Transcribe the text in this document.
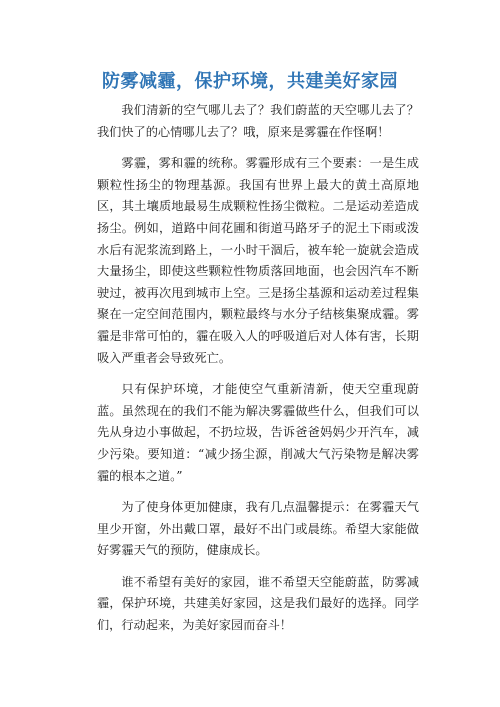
防雾减霾，保护环境，共建美好家园

我们清新的空气哪儿去了？我们蔚蓝的天空哪儿去了？我们快了的心情哪儿去了？哦，原来是雾霾在作怪啊！

雾霾，雾和霾的统称。雾霾形成有三个要素：一是生成颗粒性扬尘的物理基源。我国有世界上最大的黄土高原地区，其土壤质地最易生成颗粒性扬尘微粒。二是运动差造成扬尘。例如，道路中间花圃和街道马路牙子的泥土下雨或泼水后有泥浆流到路上，一小时干涸后，被车轮一旋就会造成大量扬尘，即使这些颗粒性物质落回地面，也会因汽车不断驶过，被再次甩到城市上空。三是扬尘基源和运动差过程集聚在一定空间范围内，颗粒最终与水分子结核集聚成霾。雾霾是非常可怕的，霾在吸入人的呼吸道后对人体有害，长期吸入严重者会导致死亡。

只有保护环境，才能使空气重新清新，使天空重现蔚蓝。虽然现在的我们不能为解决雾霾做些什么，但我们可以先从身边小事做起，不扔垃圾，告诉爸爸妈妈少开汽车，减少污染。要知道：“减少扬尘源，削减大气污染物是解决雾霾的根本之道。”

为了使身体更加健康，我有几点温馨提示：在雾霾天气里少开窗，外出戴口罩，最好不出门或晨练。希望大家能做好雾霾天气的预防，健康成长。

谁不希望有美好的家园，谁不希望天空能蔚蓝，防雾减霾，保护环境，共建美好家园，这是我们最好的选择。同学们，行动起来，为美好家园而奋斗！
